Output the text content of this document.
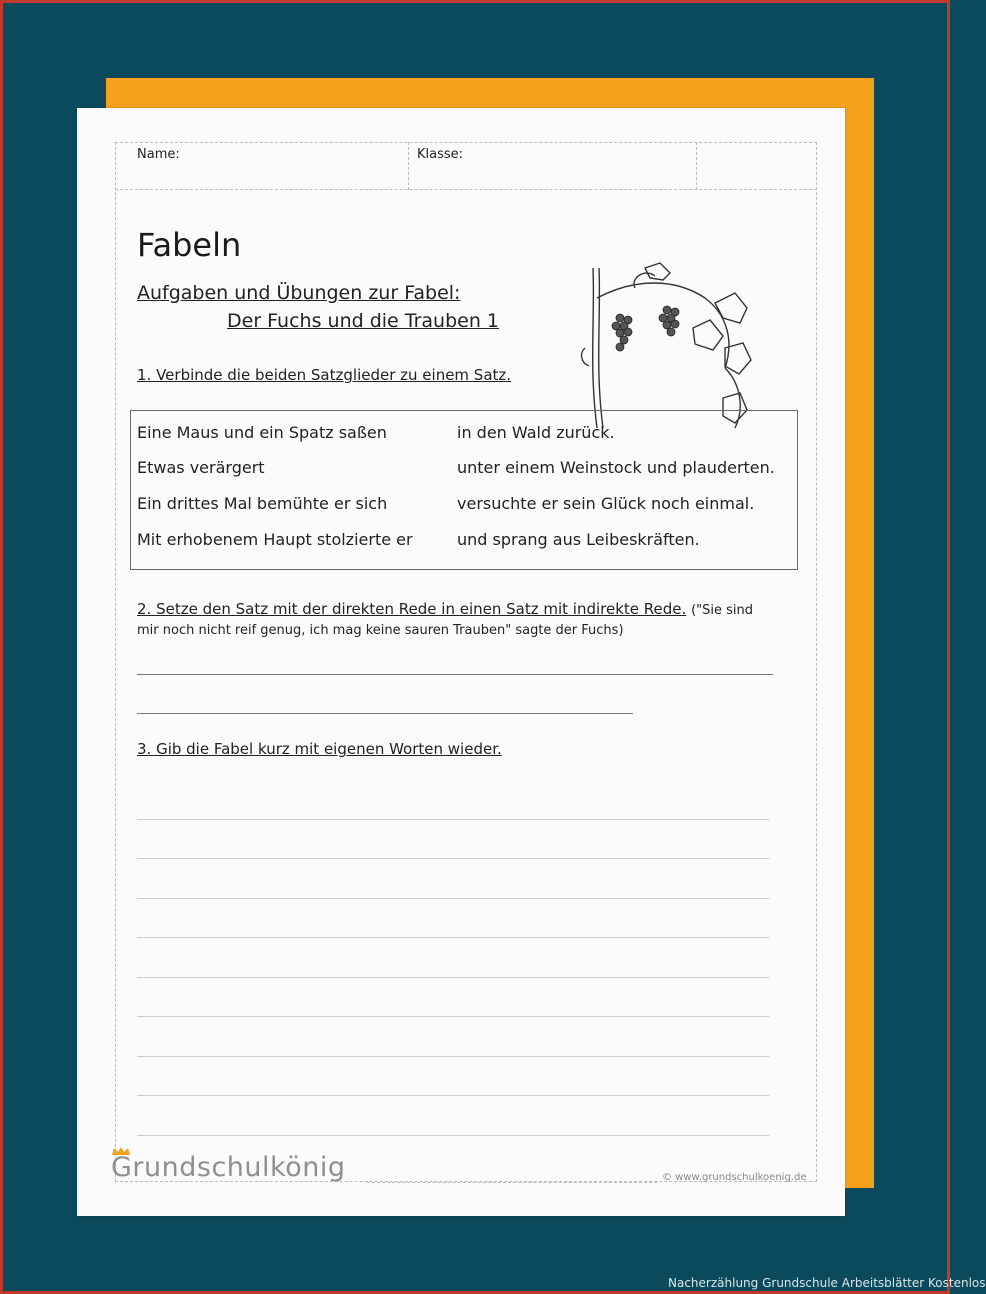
Name:	Klasse:
Fabeln
Aufgaben und Übungen zur Fabel:
Der Fuchs und die Trauben 1
1. Verbinde die beiden Satzglieder zu einem Satz.
Eine Maus und ein Spatz saßen	in den Wald zurück.
Etwas verärgert	unter einem Weinstock und plauderten.
Ein drittes Mal bemühte er sich	versuchte er sein Glück noch einmal.
Mit erhobenem Haupt stolzierte er	und sprang aus Leibeskräften.
2. Setze den Satz mit der direkten Rede in einen Satz mit indirekte Rede. ("Sie sind mir noch nicht reif genug, ich mag keine sauren Trauben" sagte der Fuchs)
3. Gib die Fabel kurz mit eigenen Worten wieder.
Grundschulkönig	© www.grundschulkoenig.de
Nacherzählung Grundschule Arbeitsblätter Kostenlos
